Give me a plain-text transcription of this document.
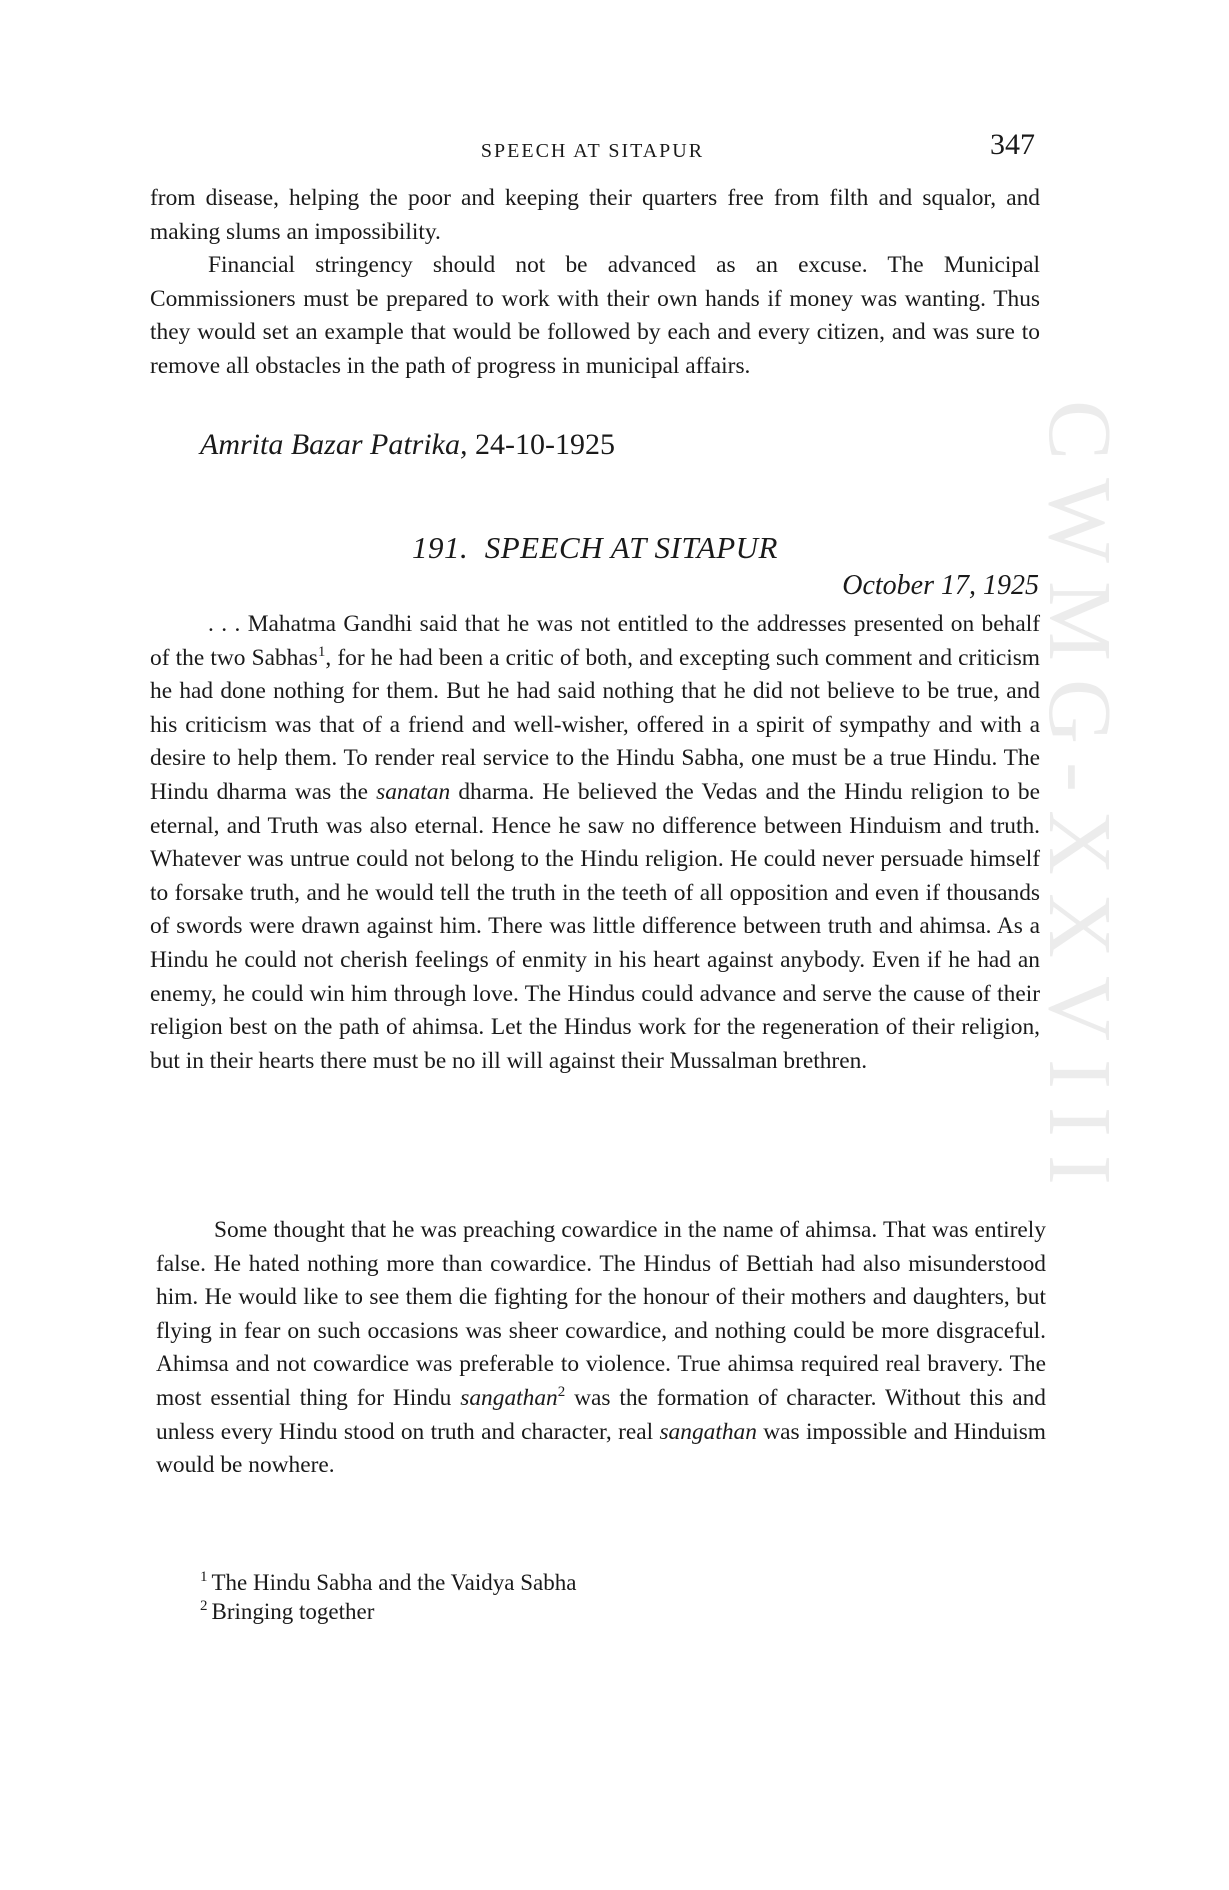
SPEECH AT SITAPUR	347

from disease, helping the poor and keeping their quarters free from filth and squalor, and making slums an impossibility.

Financial stringency should not be advanced as an excuse. The Municipal Commissioners must be prepared to work with their own hands if money was wanting. Thus they would set an example that would be followed by each and every citizen, and was sure to remove all obstacles in the path of progress in municipal affairs.

Amrita Bazar Patrika, 24-10-1925
191. SPEECH AT SITAPUR
October 17, 1925

. . . Mahatma Gandhi said that he was not entitled to the addresses presented on behalf of the two Sabhas$^1$, for he had been a critic of both, and excepting such comment and criticism he had done nothing for them. But he had said nothing that he did not believe to be true, and his criticism was that of a friend and well-wisher, offered in a spirit of sympathy and with a desire to help them. To render real service to the Hindu Sabha, one must be a true Hindu. The Hindu dharma was the sanatan dharma. He believed the Vedas and the Hindu religion to be eternal, and Truth was also eternal. Hence he saw no difference between Hinduism and truth. Whatever was untrue could not belong to the Hindu religion. He could never persuade himself to forsake truth, and he would tell the truth in the teeth of all opposition and even if thousands of swords were drawn against him. There was little difference between truth and ahimsa. As a Hindu he could not cherish feelings of enmity in his heart against anybody. Even if he had an enemy, he could win him through love. The Hindus could advance and serve the cause of their religion best on the path of ahimsa. Let the Hindus work for the regeneration of their religion, but in their hearts there must be no ill will against their Mussalman brethren.

Some thought that he was preaching cowardice in the name of ahimsa. That was entirely false. He hated nothing more than cowardice. The Hindus of Bettiah had also misunderstood him. He would like to see them die fighting for the honour of their mothers and daughters, but flying in fear on such occasions was sheer cowardice, and nothing could be more disgraceful. Ahimsa and not cowardice was preferable to violence. True ahimsa required real bravery. The most essential thing for Hindu sangathan$^2$ was the formation of character. Without this and unless every Hindu stood on truth and character, real sangathan was impossible and Hinduism would be nowhere.

$^1$ The Hindu Sabha and the Vaidya Sabha
$^2$ Bringing together
CWMG-XXVIII
